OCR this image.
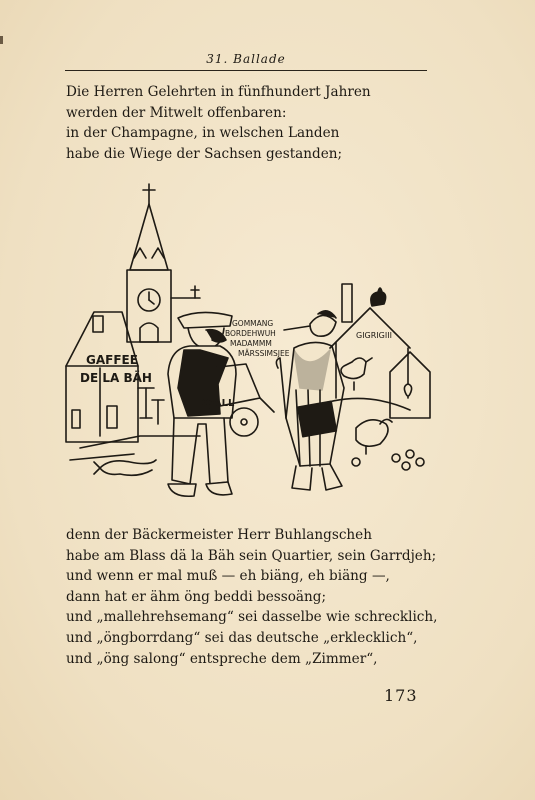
31. Ballade
Die Herren Gelehrten in fünfhundert Jahren
werden der Mitwelt offenbaren:
in der Champagne, in welschen Landen
habe die Wiege der Sachsen gestanden;
GAFFEE
DE LA BÄH
GOMMANG
BORDEHWUH
MADAMMM
MÄRSSIMSJEE
BOÄLL
GIGRIGIII
denn der Bäckermeister Herr Buhlangscheh
habe am Blass dä la Bäh sein Quartier, sein Garrdjeh;
und wenn er mal muß — eh biäng, eh biäng —,
dann hat er ähm öng beddi bessoäng;
und „mallehrehsemang“ sei dasselbe wie schrecklich,
und „öngborrdang“ sei das deutsche „erklecklich“,
und „öng salong“ entspreche dem „Zimmer“,
173
